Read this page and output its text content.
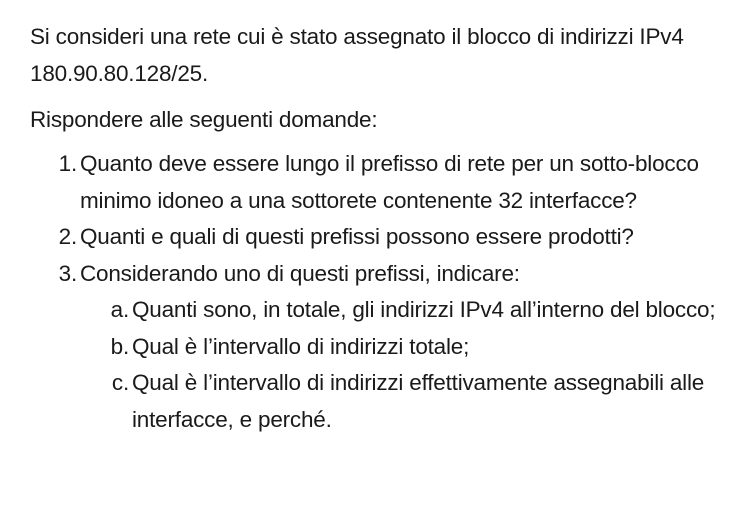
Si consideri una rete cui è stato assegnato il blocco di indirizzi IPv4 180.90.80.128/25.

Rispondere alle seguenti domande:

1. Quanto deve essere lungo il prefisso di rete per un sotto-blocco minimo idoneo a una sottorete contenente 32 interfacce?
2. Quanti e quali di questi prefissi possono essere prodotti?
3. Considerando uno di questi prefissi, indicare:
a. Quanti sono, in totale, gli indirizzi IPv4 all’interno del blocco;
b. Qual è l’intervallo di indirizzi totale;
c. Qual è l’intervallo di indirizzi effettivamente assegnabili alle interfacce, e perché.
